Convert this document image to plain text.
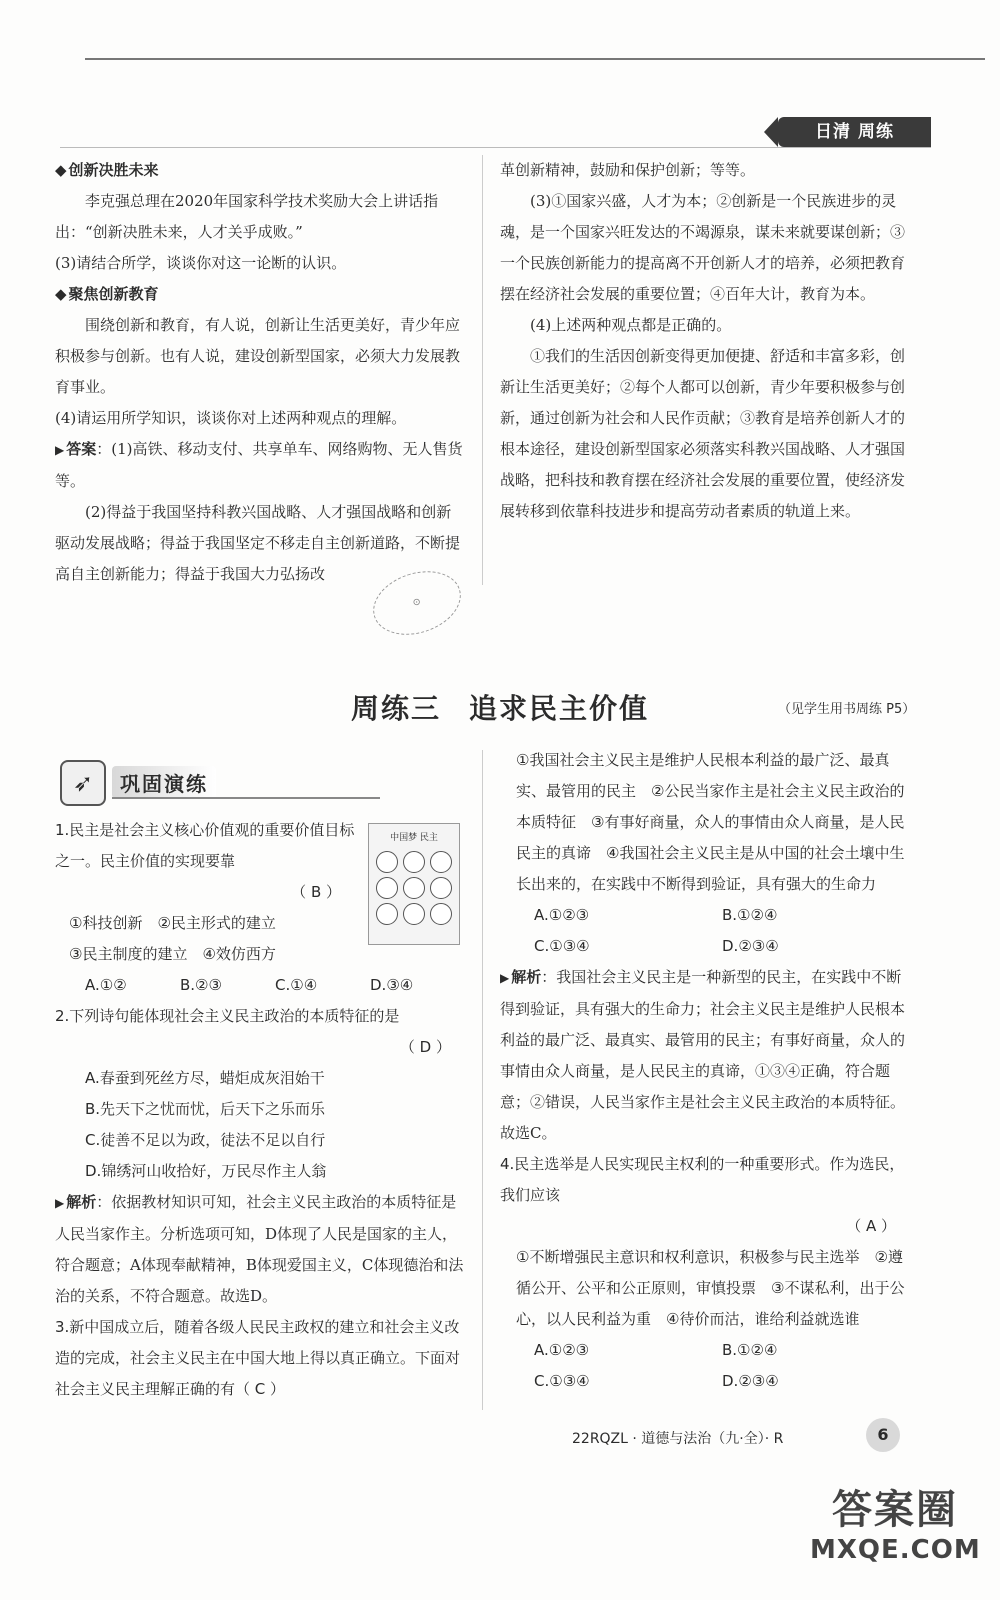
日清 周练

◆ 创新决胜未来

李克强总理在2020年国家科学技术奖励大会上讲话指出：“创新决胜未来，人才关乎成败。”

(3)请结合所学，谈谈你对这一论断的认识。

◆ 聚焦创新教育

围绕创新和教育，有人说，创新让生活更美好，青少年应积极参与创新。也有人说，建设创新型国家，必须大力发展教育事业。

(4)请运用所学知识，谈谈你对上述两种观点的理解。

▶ 答案：(1)高铁、移动支付、共享单车、网络购物、无人售货等。

(2)得益于我国坚持科教兴国战略、人才强国战略和创新驱动发展战略；得益于我国坚定不移走自主创新道路，不断提高自主创新能力；得益于我国大力弘扬改

革创新精神，鼓励和保护创新；等等。

(3)①国家兴盛，人才为本；②创新是一个民族进步的灵魂，是一个国家兴旺发达的不竭源泉，谋未来就要谋创新；③一个民族创新能力的提高离不开创新人才的培养，必须把教育摆在经济社会发展的重要位置；④百年大计，教育为本。

(4)上述两种观点都是正确的。

①我们的生活因创新变得更加便捷、舒适和丰富多彩，创新让生活更美好；②每个人都可以创新，青少年要积极参与创新，通过创新为社会和人民作贡献；③教育是培养创新人才的根本途径，建设创新型国家必须落实科教兴国战略、人才强国战略，把科技和教育摆在经济社会发展的重要位置，使经济发展转移到依靠科技进步和提高劳动者素质的轨道上来。

⊙
周练三 追求民主价值	（见学生用书周练 P5）
➶	巩固演练

1.民主是社会主义核心价值观的重要价值目标之一。民主价值的实现要靠

（ B ）

①科技创新　②民主形式的建立

③民主制度的建立　④效仿西方

A.①②	B.②③	C.①④	D.③④

2.下列诗句能体现社会主义民主政治的本质特征的是

（ D ）

A.春蚕到死丝方尽，蜡炬成灰泪始干

B.先天下之忧而忧，后天下之乐而乐

C.徒善不足以为政，徒法不足以自行

D.锦绣河山收拾好，万民尽作主人翁

▶ 解析：依据教材知识可知，社会主义民主政治的本质特征是人民当家作主。分析选项可知，D体现了人民是国家的主人，符合题意；A体现奉献精神，B体现爱国主义，C体现德治和法治的关系，不符合题意。故选D。

3.新中国成立后，随着各级人民民主政权的建立和社会主义改造的完成，社会主义民主在中国大地上得以真正确立。下面对社会主义民主理解正确的有（ C ）

中国梦 民主

①我国社会主义民主是维护人民根本利益的最广泛、最真实、最管用的民主　②公民当家作主是社会主义民主政治的本质特征　③有事好商量，众人的事情由众人商量，是人民民主的真谛　④我国社会主义民主是从中国的社会土壤中生长出来的，在实践中不断得到验证，具有强大的生命力

A.①②③	B.①②④
C.①③④	D.②③④

▶ 解析：我国社会主义民主是一种新型的民主，在实践中不断得到验证，具有强大的生命力；社会主义民主是维护人民根本利益的最广泛、最真实、最管用的民主；有事好商量，众人的事情由众人商量，是人民民主的真谛，①③④正确，符合题意；②错误，人民当家作主是社会主义民主政治的本质特征。故选C。

4.民主选举是人民实现民主权利的一种重要形式。作为选民，我们应该

（ A ）

①不断增强民主意识和权利意识，积极参与民主选举　②遵循公开、公平和公正原则，审慎投票　③不谋私利，出于公心，以人民利益为重　④待价而沽，谁给利益就选谁

A.①②③	B.①②④
C.①③④	D.②③④
22RQZL · 道德与法治（九·全）· R	6
答案圈
MXQE.COM
